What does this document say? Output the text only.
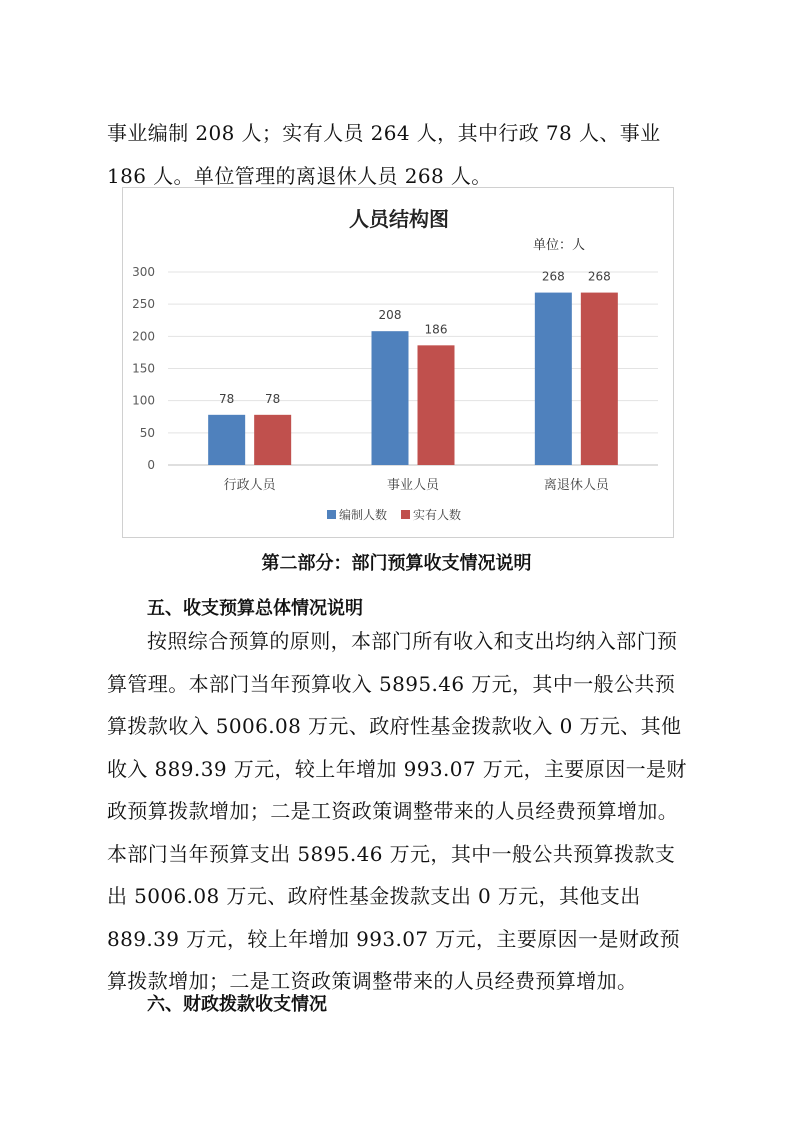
事业编制 208 人；实有人员 264 人，其中行政 78 人、事业 186 人。单位管理的离退休人员 268 人。
人员结构图
单位：人
0
50
100
150
200
250
300
78	78
208
186
268 268
行政人员	事业人员	离退休人员
编制人数 实有人数
第二部分：部门预算收支情况说明
五、收支预算总体情况说明
按照综合预算的原则，本部门所有收入和支出均纳入部门预算管理。本部门当年预算收入 5895.46 万元，其中一般公共预算拨款收入 5006.08 万元、政府性基金拨款收入 0 万元、其他收入 889.39 万元，较上年增加 993.07 万元，主要原因一是财政预算拨款增加；二是工资政策调整带来的人员经费预算增加。本部门当年预算支出 5895.46 万元，其中一般公共预算拨款支出 5006.08 万元、政府性基金拨款支出 0 万元，其他支出 889.39 万元，较上年增加 993.07 万元，主要原因一是财政预算拨款增加；二是工资政策调整带来的人员经费预算增加。
六、财政拨款收支情况
